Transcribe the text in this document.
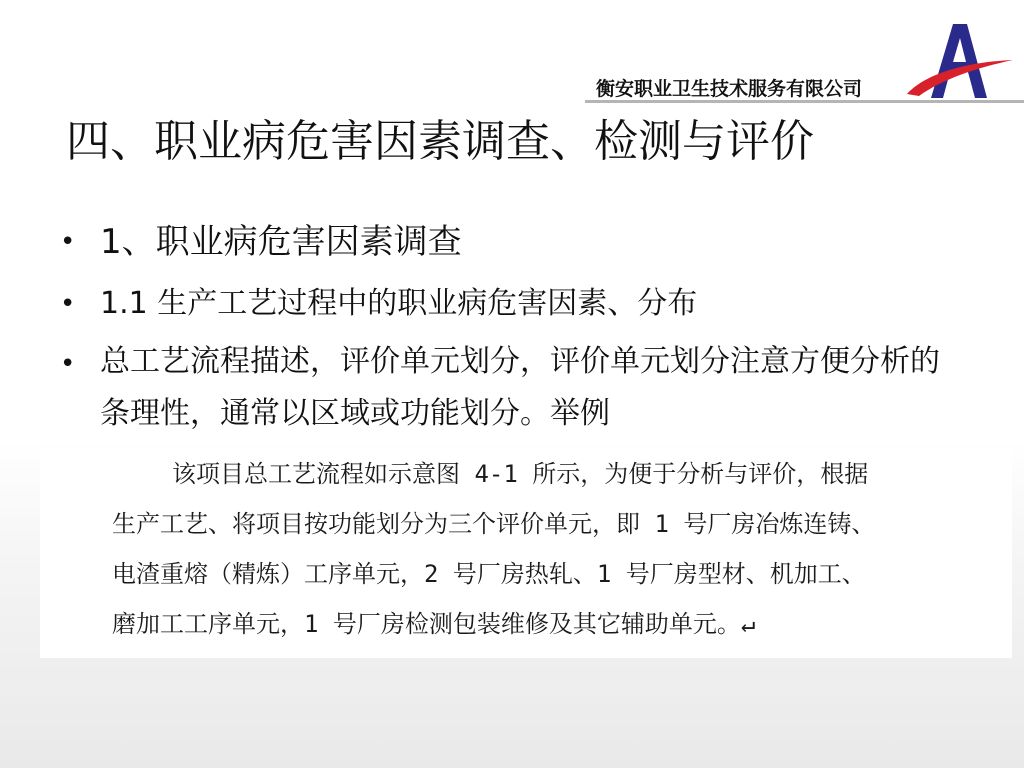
衡安职业卫生技术服务有限公司
四、职业病危害因素调查、检测与评价
• 1、职业病危害因素调查
• 1.1 生产工艺过程中的职业病危害因素、分布
• 总工艺流程描述，评价单元划分，评价单元划分注意方便分析的条理性，通常以区域或功能划分。举例
该项目总工艺流程如示意图 4-1 所示，为便于分析与评价，根据
生产工艺、将项目按功能划分为三个评价单元，即 1 号厂房冶炼连铸、
电渣重熔（精炼）工序单元，2 号厂房热轧、1 号厂房型材、机加工、
磨加工工序单元，1 号厂房检测包装维修及其它辅助单元。↵
